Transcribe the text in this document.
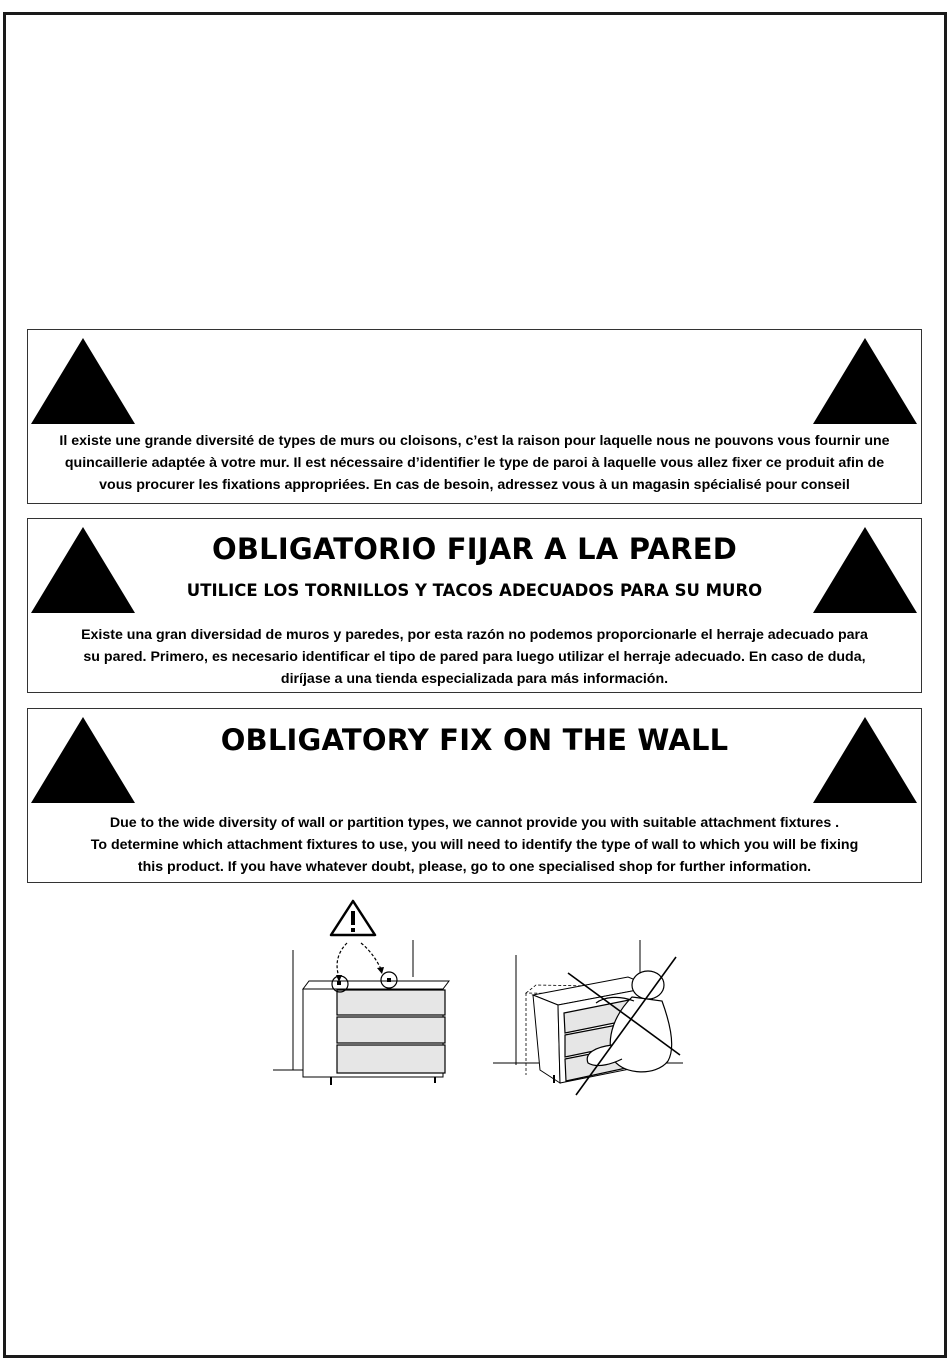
Il existe une grande diversité de types de murs ou cloisons, c’est la raison pour laquelle nous ne pouvons vous fournir une
quincaillerie adaptée à votre mur. Il est nécessaire d’identifier le type de paroi à laquelle vous allez fixer ce produit afin de
vous procurer les fixations appropriées. En cas de besoin, adressez vous à un magasin spécialisé pour conseil
OBLIGATORIO FIJAR A LA PARED
UTILICE LOS TORNILLOS Y TACOS ADECUADOS PARA SU MURO
Existe una gran diversidad de muros y paredes, por esta razón no podemos proporcionarle el herraje adecuado para
su pared. Primero, es necesario identificar el tipo de pared para luego utilizar el herraje adecuado. En caso de duda,
diríjase a una tienda especializada para más información.
OBLIGATORY FIX ON THE WALL
Due to the wide diversity of wall or partition types, we cannot provide you with suitable attachment fixtures .
To determine which attachment fixtures to use, you will need to identify the type of wall to which you will be fixing
this product. If you have whatever doubt, please, go to one specialised shop for further information.
